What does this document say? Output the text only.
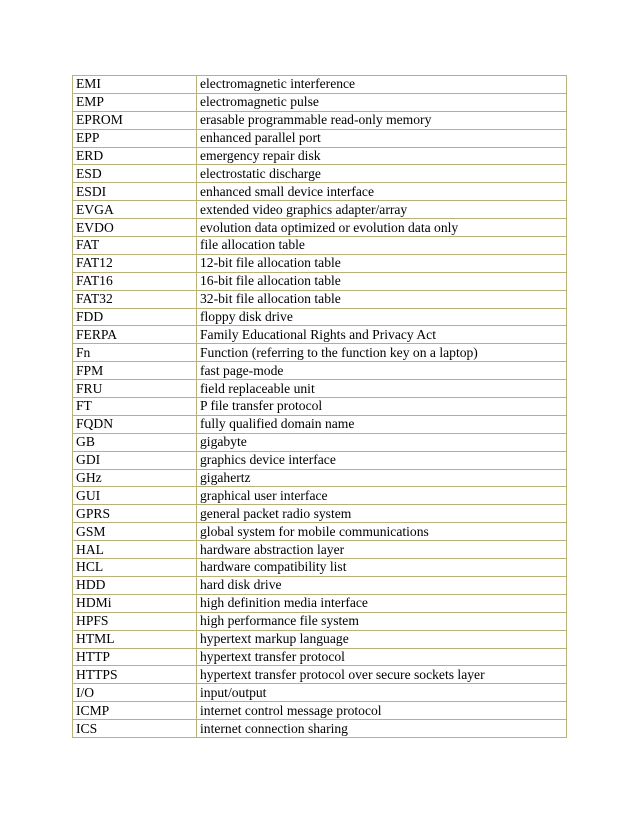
EMI	electromagnetic interference
EMP	electromagnetic pulse
EPROM	erasable programmable read-only memory
EPP	enhanced parallel port
ERD	emergency repair disk
ESD	electrostatic discharge
ESDI	enhanced small device interface
EVGA	extended video graphics adapter/array
EVDO	evolution data optimized or evolution data only
FAT	file allocation table
FAT12	12-bit file allocation table
FAT16	16-bit file allocation table
FAT32	32-bit file allocation table
FDD	floppy disk drive
FERPA	Family Educational Rights and Privacy Act
Fn	Function (referring to the function key on a laptop)
FPM	fast page-mode
FRU	field replaceable unit
FT	P file transfer protocol
FQDN	fully qualified domain name
GB	gigabyte
GDI	graphics device interface
GHz	gigahertz
GUI	graphical user interface
GPRS	general packet radio system
GSM	global system for mobile communications
HAL	hardware abstraction layer
HCL	hardware compatibility list
HDD	hard disk drive
HDMi	high definition media interface
HPFS	high performance file system
HTML	hypertext markup language
HTTP	hypertext transfer protocol
HTTPS	hypertext transfer protocol over secure sockets layer
I/O	input/output
ICMP	internet control message protocol
ICS	internet connection sharing
